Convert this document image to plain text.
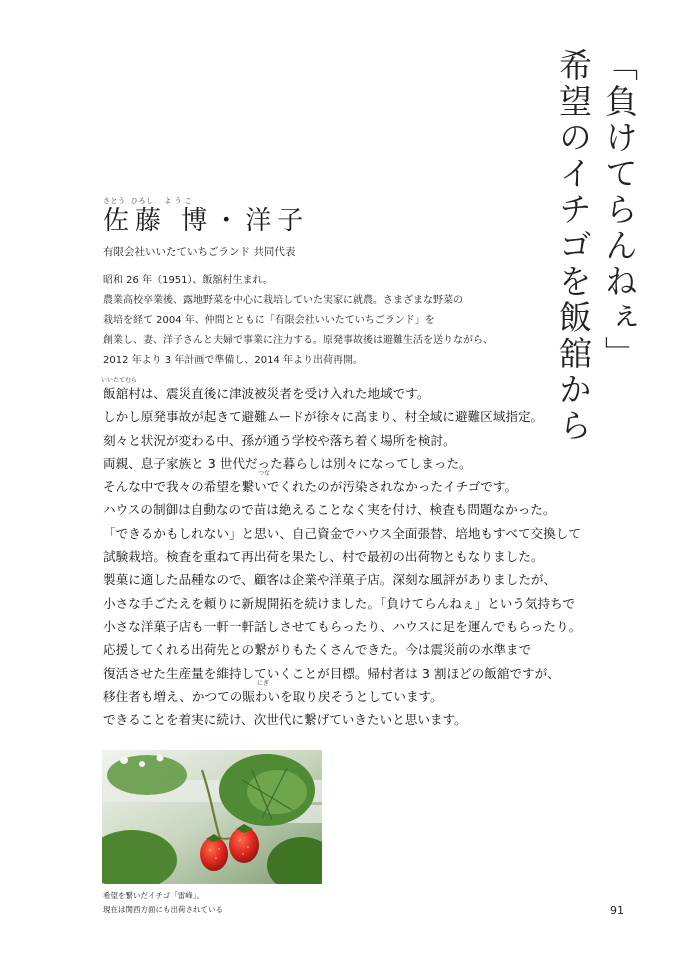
「負けてらんねぇ」
希望のイチゴを飯舘から
さとう  ひろし    よ う こ
佐藤 博・洋子
有限会社いいたていちごランド 共同代表

昭和 26 年（1951）、飯舘村生まれ。

農業高校卒業後、露地野菜を中心に栽培していた実家に就農。さまざまな野菜の

栽培を経て 2004 年、仲間とともに「有限会社いいたていちごランド」を

創業し、妻、洋子さんと夫婦で事業に注力する。原発事故後は避難生活を送りながら、

2012 年より 3 年計画で準備し、2014 年より出荷再開。

いいたてむら
つな
にぎ

飯舘村は、震災直後に津波被災者を受け入れた地域です。

しかし原発事故が起きて避難ムードが徐々に高まり、村全域に避難区域指定。

刻々と状況が変わる中、孫が通う学校や落ち着く場所を検討。

両親、息子家族と 3 世代だった暮らしは別々になってしまった。

そんな中で我々の希望を繋いでくれたのが汚染されなかったイチゴです。

ハウスの制御は自動なので苗は絶えることなく実を付け、検査も問題なかった。

「できるかもしれない」と思い、自己資金でハウス全面張替、培地もすべて交換して

試験栽培。検査を重ねて再出荷を果たし、村で最初の出荷物ともなりました。

製菓に適した品種なので、顧客は企業や洋菓子店。深刻な風評がありましたが、

小さな手ごたえを頼りに新規開拓を続けました。「負けてらんねぇ」という気持ちで

小さな洋菓子店も一軒一軒話しさせてもらったり、ハウスに足を運んでもらったり。

応援してくれる出荷先との繋がりもたくさんできた。今は震災前の水準まで

復活させた生産量を維持していくことが目標。帰村者は 3 割ほどの飯舘ですが、

移住者も増え、かつての賑わいを取り戻そうとしています。

できることを着実に続け、次世代に繋げていきたいと思います。

希望を繋いだイチゴ「雷峰」。

現在は関西方面にも出荷されている	91
